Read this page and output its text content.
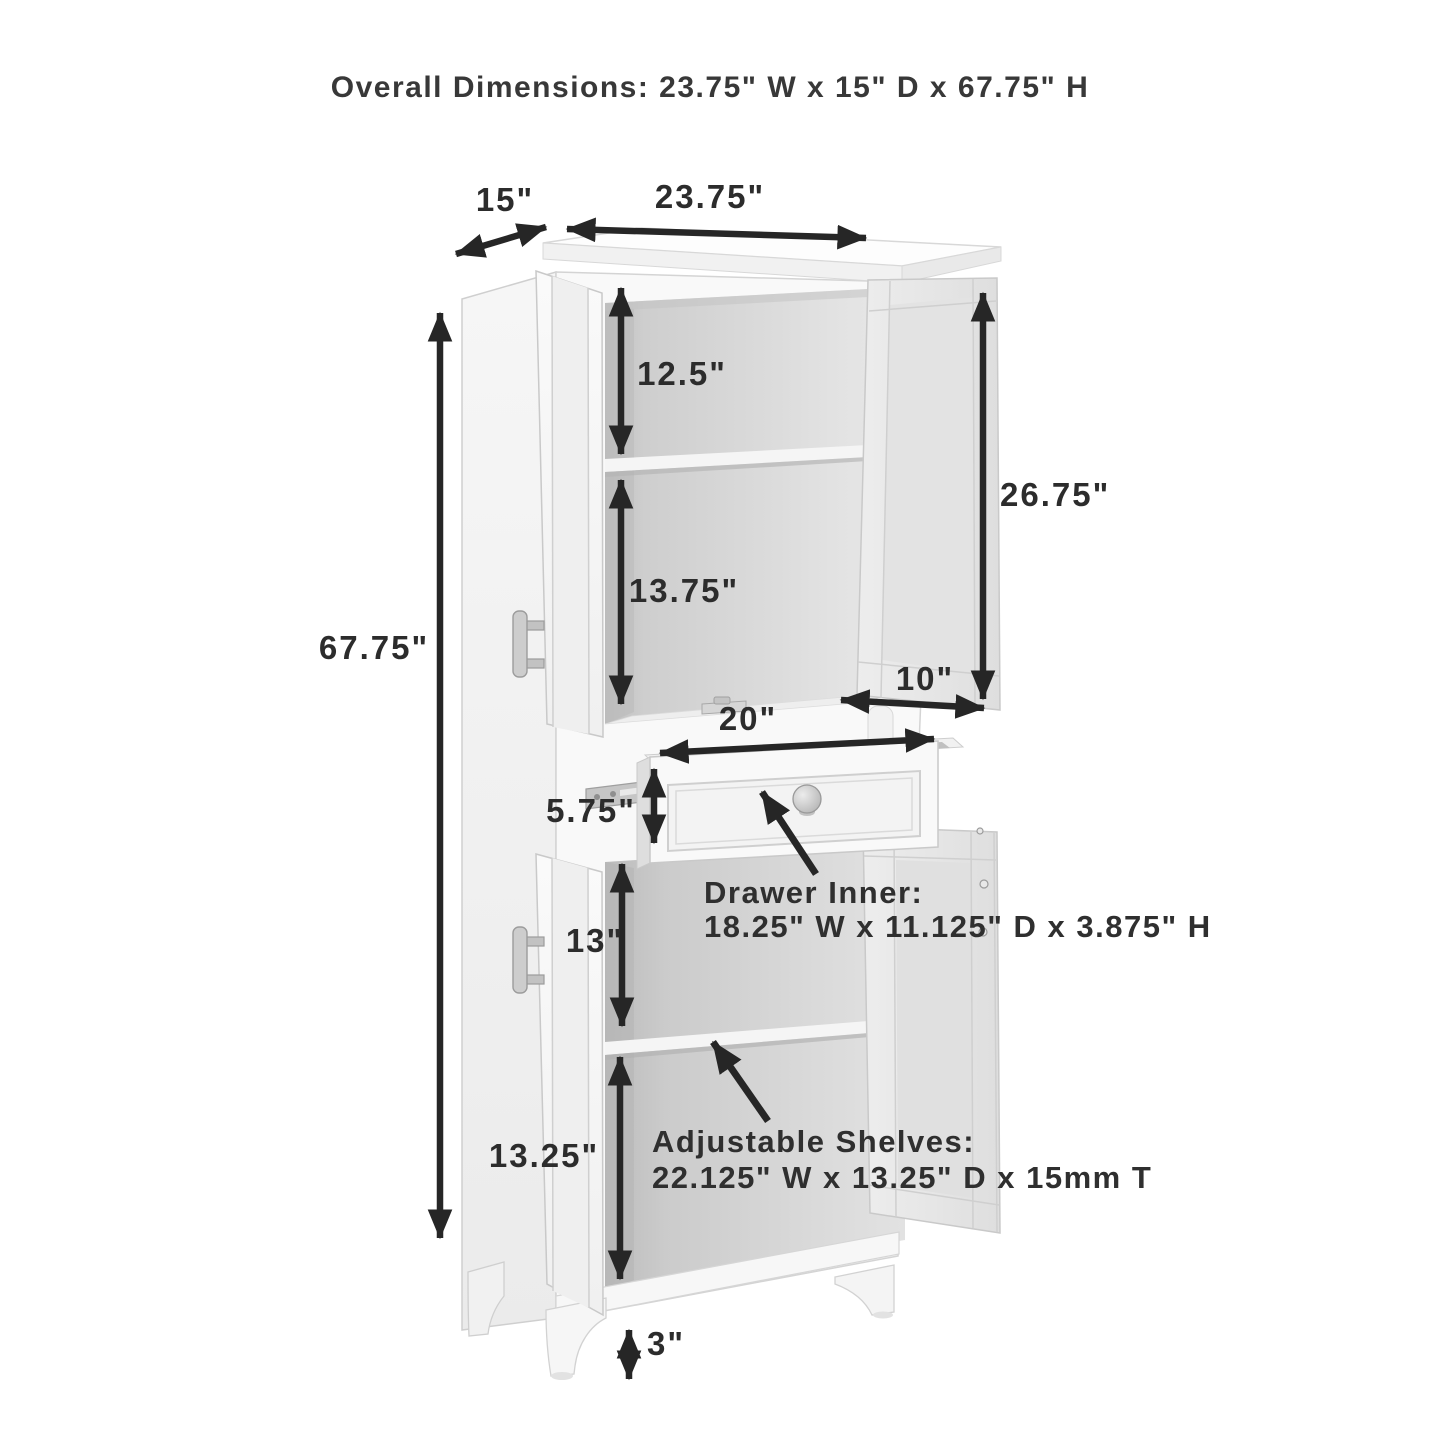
Overall Dimensions: 23.75" W x 15" D x 67.75" H
15"	23.75"
12.5"
26.75"
13.75"
10"
20"
5.75"
67.75"
13"
13.25"
3"
Drawer Inner:
18.25" W x 11.125" D x 3.875" H
Adjustable Shelves:
22.125" W x 13.25" D x 15mm T
